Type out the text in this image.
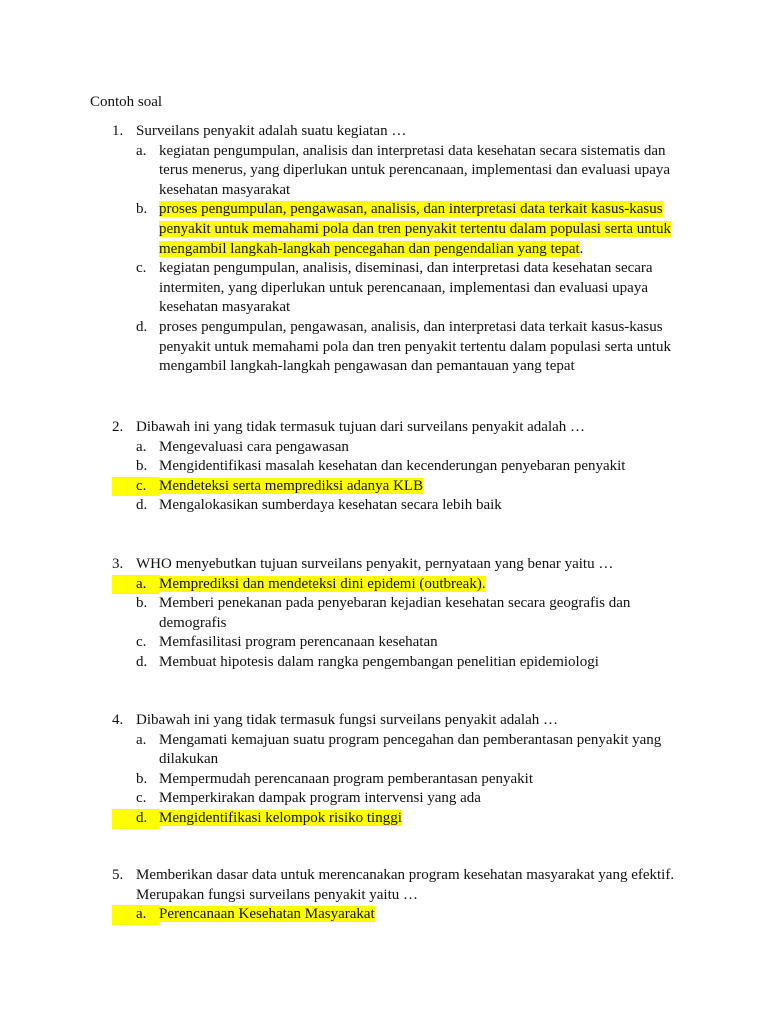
Contoh soal
1. Surveilans penyakit adalah suatu kegiatan …
a. kegiatan pengumpulan, analisis dan interpretasi data kesehatan secara sistematis dan terus menerus, yang diperlukan untuk perencanaan, implementasi dan evaluasi upaya kesehatan masyarakat
b. proses pengumpulan, pengawasan, analisis, dan interpretasi data terkait kasus-kasus penyakit untuk memahami pola dan tren penyakit tertentu dalam populasi serta untuk mengambil langkah-langkah pencegahan dan pengendalian yang tepat.
c. kegiatan pengumpulan, analisis, diseminasi, dan interpretasi data kesehatan secara intermiten, yang diperlukan untuk perencanaan, implementasi dan evaluasi upaya kesehatan masyarakat
d. proses pengumpulan, pengawasan, analisis, dan interpretasi data terkait kasus-kasus penyakit untuk memahami pola dan tren penyakit tertentu dalam populasi serta untuk mengambil langkah-langkah pengawasan dan pemantauan yang tepat
2. Dibawah ini yang tidak termasuk tujuan dari surveilans penyakit adalah …
a. Mengevaluasi cara pengawasan
b. Mengidentifikasi masalah kesehatan dan kecenderungan penyebaran penyakit
c. Mendeteksi serta memprediksi adanya KLB
d. Mengalokasikan sumberdaya kesehatan secara lebih baik
3. WHO menyebutkan tujuan surveilans penyakit, pernyataan yang benar yaitu …
a. Memprediksi dan mendeteksi dini epidemi (outbreak).
b. Memberi penekanan pada penyebaran kejadian kesehatan secara geografis dan demografis
c. Memfasilitasi program perencanaan kesehatan
d. Membuat hipotesis dalam rangka pengembangan penelitian epidemiologi
4. Dibawah ini yang tidak termasuk fungsi surveilans penyakit adalah …
a. Mengamati kemajuan suatu program pencegahan dan pemberantasan penyakit yang dilakukan
b. Mempermudah perencanaan program pemberantasan penyakit
c. Memperkirakan dampak program intervensi yang ada
d. Mengidentifikasi kelompok risiko tinggi
5. Memberikan dasar data untuk merencanakan program kesehatan masyarakat yang efektif. Merupakan fungsi surveilans penyakit yaitu …
a. Perencanaan Kesehatan Masyarakat
